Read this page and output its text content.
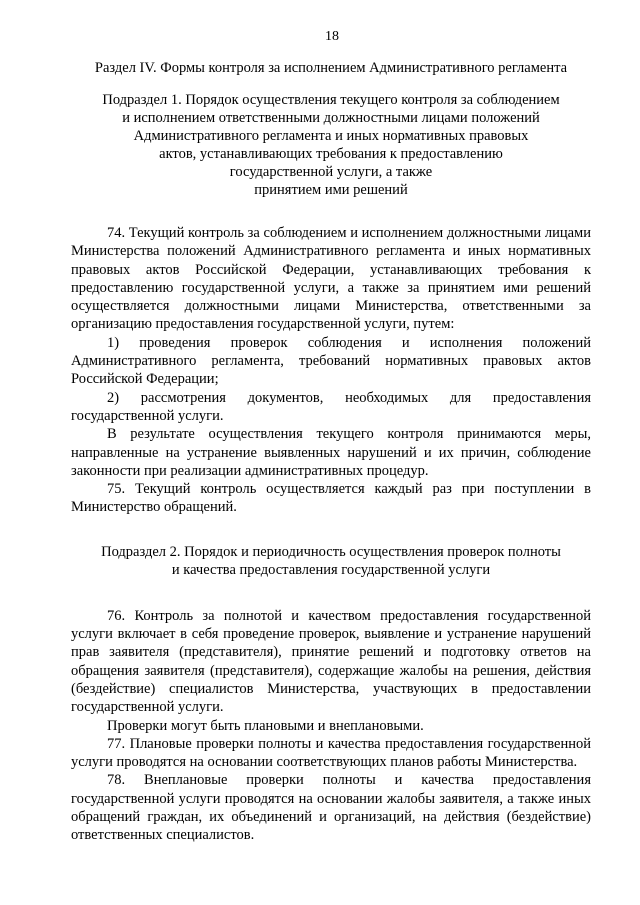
18
Раздел IV. Формы контроля за исполнением Административного регламента
Подраздел 1. Порядок осуществления текущего контроля за соблюдением
и исполнением ответственными должностными лицами положений
Административного регламента и иных нормативных правовых
актов, устанавливающих требования к предоставлению
государственной услуги, а также
принятием ими решений

74. Текущий контроль за соблюдением и исполнением должностными лицами Министерства положений Административного регламента и иных нормативных правовых актов Российской Федерации, устанавливающих требования к предоставлению государственной услуги, а также за принятием ими решений осуществляется должностными лицами Министерства, ответственными за организацию предоставления государственной услуги, путем:

1) проведения проверок соблюдения и исполнения положений Административного регламента, требований нормативных правовых актов Российской Федерации;

2) рассмотрения документов, необходимых для предоставления государственной услуги.

В результате осуществления текущего контроля принимаются меры, направленные на устранение выявленных нарушений и их причин, соблюдение законности при реализации административных процедур.

75. Текущий контроль осуществляется каждый раз при поступлении в Министерство обращений.

Подраздел 2. Порядок и периодичность осуществления проверок полноты
и качества предоставления государственной услуги

76. Контроль за полнотой и качеством предоставления государственной услуги включает в себя проведение проверок, выявление и устранение нарушений прав заявителя (представителя), принятие решений и подготовку ответов на обращения заявителя (представителя), содержащие жалобы на решения, действия (бездействие) специалистов Министерства, участвующих в предоставлении государственной услуги.

Проверки могут быть плановыми и внеплановыми.

77. Плановые проверки полноты и качества предоставления государственной услуги проводятся на основании соответствующих планов работы Министерства.

78. Внеплановые проверки полноты и качества предоставления государственной услуги проводятся на основании жалобы заявителя, а также иных обращений граждан, их объединений и организаций, на действия (бездействие) ответственных специалистов.
